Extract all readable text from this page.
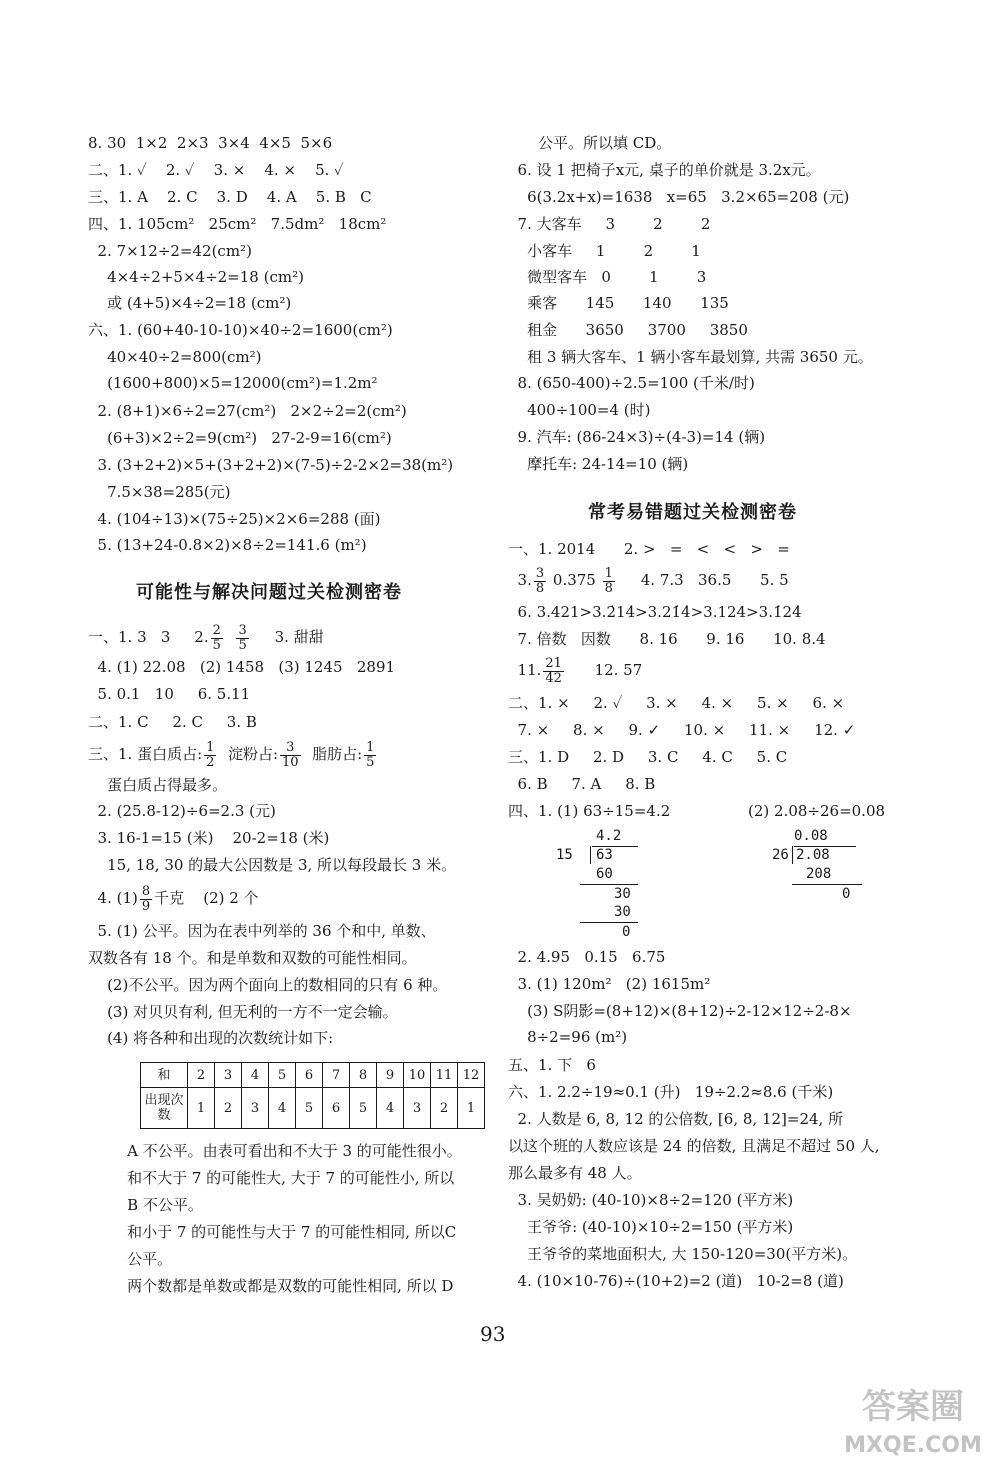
8. 30  1×2  2×3  3×4  4×5  5×6
二、1. ✓    2. ✓    3. ×    4. ×    5. ✓
三、1. A    2. C    3. D    4. A    5. B   C
四、1. 105cm²   25cm²   7.5dm²   18cm²
2. 7×12÷2=42(cm²)
4×4÷2+5×4÷2=18 (cm²)
或 (4+5)×4÷2=18 (cm²)
六、1. (60+40-10-10)×40÷2=1600(cm²)
40×40÷2=800(cm²)
(1600+800)×5=12000(cm²)=1.2m²
2. (8+1)×6÷2=27(cm²)   2×2÷2=2(cm²)
(6+3)×2÷2=9(cm²)   27-2-9=16(cm²)
3. (3+2+2)×5+(3+2+2)×(7-5)÷2-2×2=38(m²)
7.5×38=285(元)
4. (104÷13)×(75÷25)×2×6=288 (面)
5. (13+24-0.8×2)×8÷2=141.6 (m²)
可能性与解决问题过关检测密卷
一、1. 3   3     2. $\frac{2}{5}$
$\frac{3}{5} 3$. 甜甜
4. (1) 22.08   (2) 1458   (3) 1245   2891
5. 0.1   10     6. 5.11
二、1. C     2. C     3. B
三、1. 蛋白质占: $\frac{1}{2}$ 淀粉占: $\frac{3}{10}$ 脂肪占: $\frac{1}{5}$
蛋白质占得最多。
2. (25.8-12)÷6=2.3 (元)
3. 16-1=15 (米)    20-2=18 (米)
15, 18, 30 的最大公因数是 3, 所以每段最长 3 米。
4. $(1) \frac{8}{9}$ 千克    (2) 2 个
5. (1) 公平。因为在表中列举的 36 个和中, 单数、
双数各有 18 个。和是单数和双数的可能性相同。
(2)不公平。因为两个面向上的数相同的只有 6 种。
(3) 对贝贝有利, 但无利的一方不一定会输。
(4) 将各种和出现的次数统计如下:
和	2	3	4	5	6	7	8	9	10	11	12
出现次数	1	2	3	4	5	6	5	4	3	2	1
A 不公平。由表可看出和不大于 3 的可能性很小。
和不大于 7 的可能性大, 大于 7 的可能性小, 所以
B 不公平。
和小于 7 的可能性与大于 7 的可能性相同, 所以C
公平。
两个数都是单数或都是双数的可能性相同, 所以 D
公平。所以填 CD。
6. 设 1 把椅子x元, 桌子的单价就是 3.2x元。
6(3.2x+x)=1638   x=65   3.2×65=208 (元)
7. 大客车     3        2        2
小客车     1        2        1
微型客车   0        1        3
乘客      145      140      135
租金      3650     3700     3850
租 3 辆大客车、1 辆小客车最划算, 共需 3650 元。
8. (650-400)÷2.5=100 (千米/时)
400÷100=4 (时)
9. 汽车: (86-24×3)÷(4-3)=14 (辆)
摩托车: 24-14=10 (辆)
常考易错题过关检测密卷
一、1. 2014      2. >   =   <   <   >   =
3. $\frac{3}{8} 0.375 \frac{1}{8} 4$. 7.3   36.5      5. 5
6. 3.421>3.2̇14̇>3.21̇4̇>3.124>3.1̇24̇
7. 倍数   因数      8. 16      9. 16      10. 8.4
11. $\frac{21}{42} 12$. 57
二、1. ×     2. ✓     3. ×     4. ×     5. ×     6. ×
7. ×     8. ×     9. ✓     10. ×     11. ×     12. ✓
三、1. D     2. D     3. C     4. C     5. C
6. B     7. A     8. B
四、1. (1) 63÷15=4.2	(2) 2.08÷26=0.08

4.2

15

63

60

30

30

0

0.08

26

2.08

208

0

2. 4.95   0.15   6.75
3. (1) 120m²   (2) 1615m²
(3) S阴影=(8+12)×(8+12)÷2-12×12÷2-8×
8÷2=96 (m²)
五、1. 下   6
六、1. 2.2÷19≈0.1 (升)   19÷2.2≈8.6 (千米)
2. 人数是 6, 8, 12 的公倍数, [6, 8, 12]=24, 所
以这个班的人数应该是 24 的倍数, 且满足不超过 50 人,
那么最多有 48 人。
3. 吴奶奶: (40-10)×8÷2=120 (平方米)
王爷爷: (40-10)×10÷2=150 (平方米)
王爷爷的菜地面积大, 大 150-120=30(平方米)。
4. (10×10-76)÷(10+2)=2 (道)   10-2=8 (道)
93
答案圈
MXQE.COM
